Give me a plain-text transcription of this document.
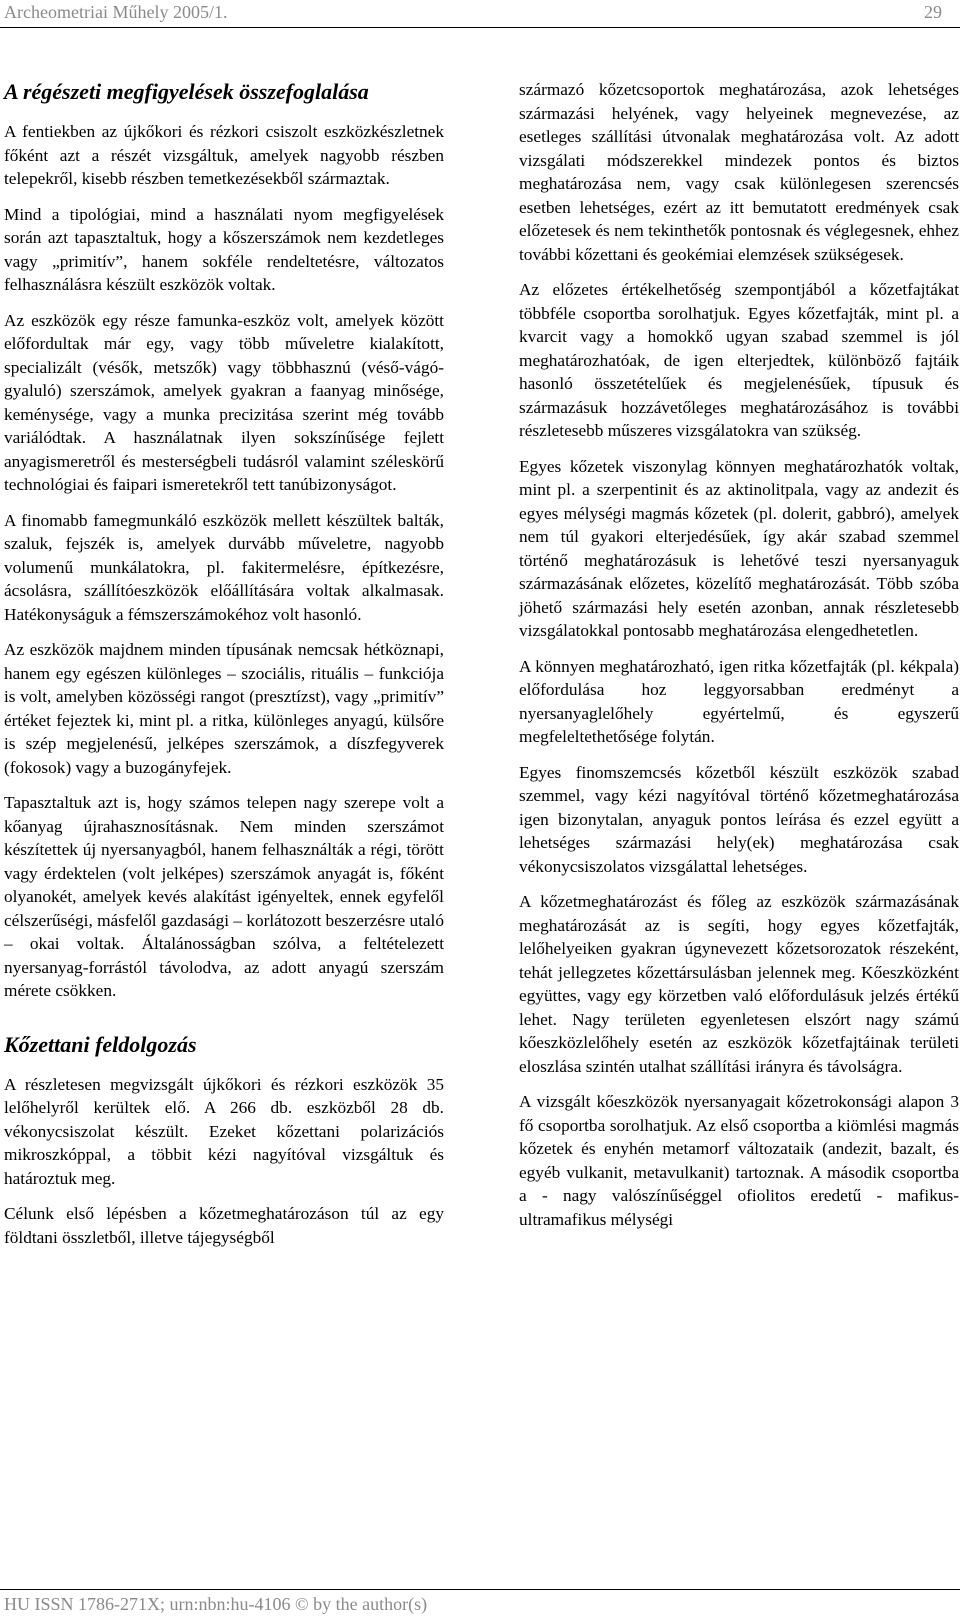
Archeometriai Műhely 2005/1.	29
A régészeti megfigyelések összefoglalása

A fentiekben az újkőkori és rézkori csiszolt eszközkészletnek főként azt a részét vizsgáltuk, amelyek nagyobb részben telepekről, kisebb részben temetkezésekből származtak.

Mind a tipológiai, mind a használati nyom megfigyelések során azt tapasztaltuk, hogy a kőszerszámok nem kezdetleges vagy „primitív”, hanem sokféle rendeltetésre, változatos felhasználásra készült eszközök voltak.

Az eszközök egy része famunka-eszköz volt, amelyek között előfordultak már egy, vagy több műveletre kialakított, specializált (vésők, metszők) vagy többhasznú (véső-vágó-gyaluló) szerszámok, amelyek gyakran a faanyag minősége, keménysége, vagy a munka precizitása szerint még tovább variálódtak. A használatnak ilyen sokszínűsége fejlett anyagismeretről és mesterségbeli tudásról valamint széleskörű technológiai és faipari ismeretekről tett tanúbizonyságot.

A finomabb famegmunkáló eszközök mellett készültek balták, szaluk, fejszék is, amelyek durvább műveletre, nagyobb volumenű munkálatokra, pl. fakitermelésre, építkezésre, ácsolásra, szállítóeszközök előállítására voltak alkalmasak. Hatékonyságuk a fémszerszámokéhoz volt hasonló.

Az eszközök majdnem minden típusának nemcsak hétköznapi, hanem egy egészen különleges – szociális, rituális – funkciója is volt, amelyben közösségi rangot (presztízst), vagy „primitív” értéket fejeztek ki, mint pl. a ritka, különleges anyagú, külsőre is szép megjelenésű, jelképes szerszámok, a díszfegyverek (fokosok) vagy a buzogányfejek.

Tapasztaltuk azt is, hogy számos telepen nagy szerepe volt a kőanyag újrahasznosításnak. Nem minden szerszámot készítettek új nyersanyagból, hanem felhasználták a régi, törött vagy érdektelen (volt jelképes) szerszámok anyagát is, főként olyanokét, amelyek kevés alakítást igényeltek, ennek egyfelől célszerűségi, másfelől gazdasági – korlátozott beszerzésre utaló – okai voltak. Általánosságban szólva, a feltételezett nyersanyag-forrástól távolodva, az adott anyagú szerszám mérete csökken.

Kőzettani feldolgozás

A részletesen megvizsgált újkőkori és rézkori eszközök 35 lelőhelyről kerültek elő. A 266 db. eszközből 28 db. vékonycsiszolat készült. Ezeket kőzettani polarizációs mikroszkóppal, a többit kézi nagyítóval vizsgáltuk és határoztuk meg.

Célunk első lépésben a kőzetmeghatározáson túl az egy földtani összletből, illetve tájegységből

származó kőzetcsoportok meghatározása, azok lehetséges származási helyének, vagy helyeinek megnevezése, az esetleges szállítási útvonalak meghatározása volt. Az adott vizsgálati módszerekkel mindezek pontos és biztos meghatározása nem, vagy csak különlegesen szerencsés esetben lehetséges, ezért az itt bemutatott eredmények csak előzetesek és nem tekinthetők pontosnak és véglegesnek, ehhez további kőzettani és geokémiai elemzések szükségesek.

Az előzetes értékelhetőség szempontjából a kőzetfajtákat többféle csoportba sorolhatjuk. Egyes kőzetfajták, mint pl. a kvarcit vagy a homokkő ugyan szabad szemmel is jól meghatározhatóak, de igen elterjedtek, különböző fajtáik hasonló összetételűek és megjelenésűek, típusuk és származásuk hozzávetőleges meghatározásához is további részletesebb műszeres vizsgálatokra van szükség.

Egyes kőzetek viszonylag könnyen meghatározhatók voltak, mint pl. a szerpentinit és az aktinolitpala, vagy az andezit és egyes mélységi magmás kőzetek (pl. dolerit, gabbró), amelyek nem túl gyakori elterjedésűek, így akár szabad szemmel történő meghatározásuk is lehetővé teszi nyersanyaguk származásának előzetes, közelítő meghatározását. Több szóba jöhető származási hely esetén azonban, annak részletesebb vizsgálatokkal pontosabb meghatározása elengedhetetlen.

A könnyen meghatározható, igen ritka kőzetfajták (pl. kékpala) előfordulása hoz leggyorsabban eredményt a nyersanyaglelőhely egyértelmű, és egyszerű megfeleltethetősége folytán.

Egyes finomszemcsés kőzetből készült eszközök szabad szemmel, vagy kézi nagyítóval történő kőzetmeghatározása igen bizonytalan, anyaguk pontos leírása és ezzel együtt a lehetséges származási hely(ek) meghatározása csak vékonycsiszolatos vizsgálattal lehetséges.

A kőzetmeghatározást és főleg az eszközök származásának meghatározását az is segíti, hogy egyes kőzetfajták, lelőhelyeiken gyakran úgynevezett kőzetsorozatok részeként, tehát jellegzetes kőzettársulásban jelennek meg. Kőeszközként együttes, vagy egy körzetben való előfordulásuk jelzés értékű lehet. Nagy területen egyenletesen elszórt nagy számú kőeszközlelőhely esetén az eszközök kőzetfajtáinak területi eloszlása szintén utalhat szállítási irányra és távolságra.

A vizsgált kőeszközök nyersanyagait kőzetrokonsági alapon 3 fő csoportba sorolhatjuk. Az első csoportba a kiömlési magmás kőzetek és enyhén metamorf változataik (andezit, bazalt, és egyéb vulkanit, metavulkanit) tartoznak. A második csoportba a - nagy valószínűséggel ofiolitos eredetű - mafikus-ultramafikus mélységi

HU ISSN 1786-271X; urn:nbn:hu-4106 © by the author(s)
